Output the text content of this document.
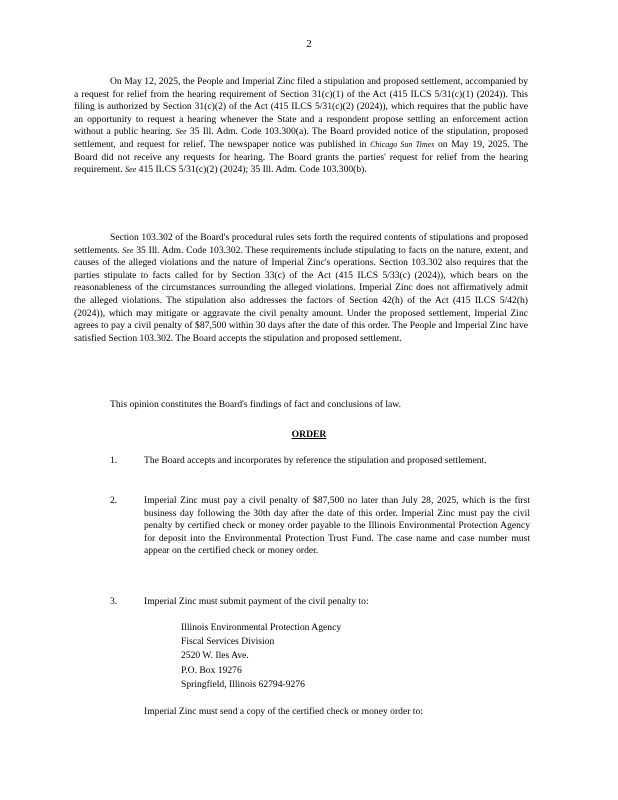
2
On May 12, 2025, the People and Imperial Zinc filed a stipulation and proposed settlement, accompanied by a request for relief from the hearing requirement of Section 31(c)(1) of the Act (415 ILCS 5/31(c)(1) (2024)). This filing is authorized by Section 31(c)(2) of the Act (415 ILCS 5/31(c)(2) (2024)), which requires that the public have an opportunity to request a hearing whenever the State and a respondent propose settling an enforcement action without a public hearing. See 35 Ill. Adm. Code 103.300(a). The Board provided notice of the stipulation, proposed settlement, and request for relief. The newspaper notice was published in Chicago Sun Times on May 19, 2025. The Board did not receive any requests for hearing. The Board grants the parties' request for relief from the hearing requirement. See 415 ILCS 5/31(c)(2) (2024); 35 Ill. Adm. Code 103.300(b).
Section 103.302 of the Board's procedural rules sets forth the required contents of stipulations and proposed settlements. See 35 Ill. Adm. Code 103.302. These requirements include stipulating to facts on the nature, extent, and causes of the alleged violations and the nature of Imperial Zinc's operations. Section 103.302 also requires that the parties stipulate to facts called for by Section 33(c) of the Act (415 ILCS 5/33(c) (2024)), which bears on the reasonableness of the circumstances surrounding the alleged violations. Imperial Zinc does not affirmatively admit the alleged violations. The stipulation also addresses the factors of Section 42(h) of the Act (415 ILCS 5/42(h) (2024)), which may mitigate or aggravate the civil penalty amount. Under the proposed settlement, Imperial Zinc agrees to pay a civil penalty of $87,500 within 30 days after the date of this order. The People and Imperial Zinc have satisfied Section 103.302. The Board accepts the stipulation and proposed settlement.
This opinion constitutes the Board's findings of fact and conclusions of law.
ORDER
1.	The Board accepts and incorporates by reference the stipulation and proposed settlement.
2.	Imperial Zinc must pay a civil penalty of $87,500 no later than July 28, 2025, which is the first business day following the 30th day after the date of this order. Imperial Zinc must pay the civil penalty by certified check or money order payable to the Illinois Environmental Protection Agency for deposit into the Environmental Protection Trust Fund. The case name and case number must appear on the certified check or money order.
3.	Imperial Zinc must submit payment of the civil penalty to:
Illinois Environmental Protection Agency
Fiscal Services Division
2520 W. Iles Ave.
P.O. Box 19276
Springfield, Illinois 62794-9276
Imperial Zinc must send a copy of the certified check or money order to:
